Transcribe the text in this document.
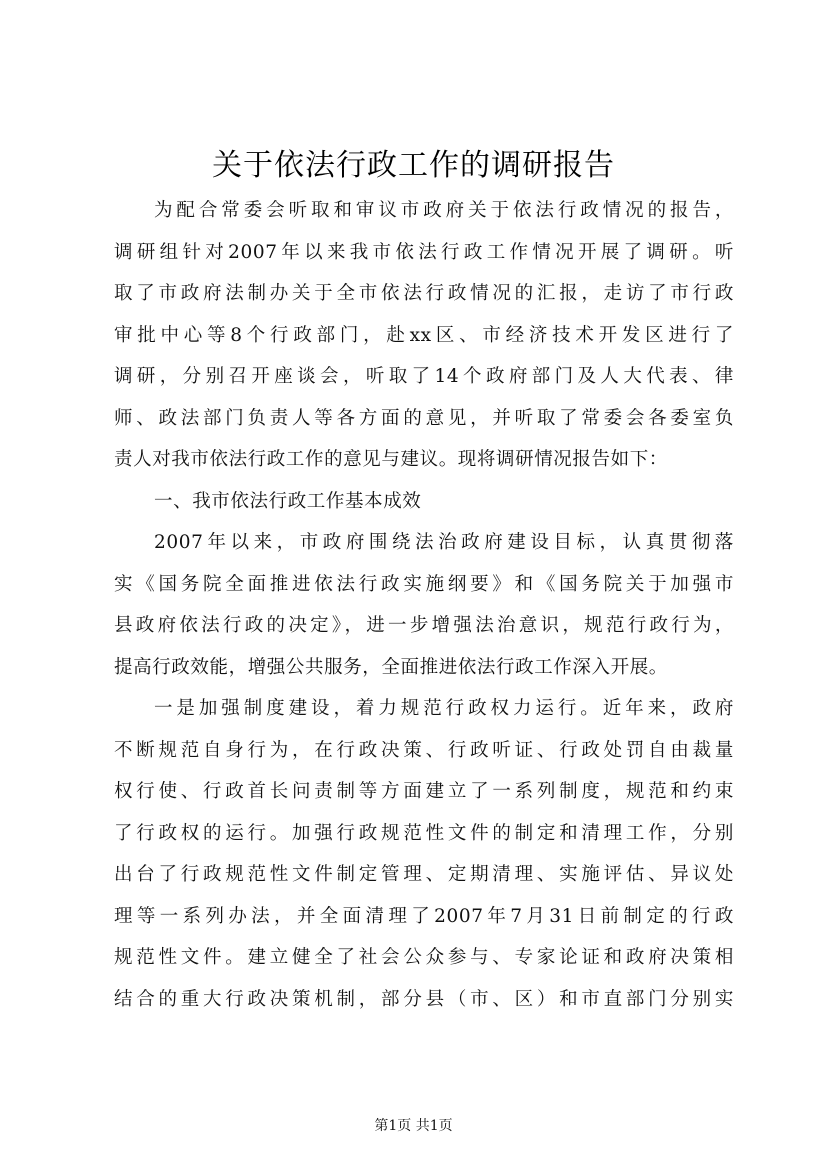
关于依法行政工作的调研报告
为配合常委会听取和审议市政府关于依法行政情况的报告，
调研组针对2007年以来我市依法行政工作情况开展了调研。听
取了市政府法制办关于全市依法行政情况的汇报，走访了市行政
审批中心等8个行政部门，赴xx区、市经济技术开发区进行了
调研，分别召开座谈会，听取了14个政府部门及人大代表、律
师、政法部门负责人等各方面的意见，并听取了常委会各委室负
责人对我市依法行政工作的意见与建议。现将调研情况报告如下：
一、我市依法行政工作基本成效
2007年以来，市政府围绕法治政府建设目标，认真贯彻落
实《国务院全面推进依法行政实施纲要》和《国务院关于加强市
县政府依法行政的决定》，进一步增强法治意识，规范行政行为，
提高行政效能，增强公共服务，全面推进依法行政工作深入开展。
一是加强制度建设，着力规范行政权力运行。近年来，政府
不断规范自身行为，在行政决策、行政听证、行政处罚自由裁量
权行使、行政首长问责制等方面建立了一系列制度，规范和约束
了行政权的运行。加强行政规范性文件的制定和清理工作，分别
出台了行政规范性文件制定管理、定期清理、实施评估、异议处
理等一系列办法，并全面清理了2007年7月31日前制定的行政
规范性文件。建立健全了社会公众参与、专家论证和政府决策相
结合的重大行政决策机制，部分县（市、区）和市直部门分别实
第1页 共1页
